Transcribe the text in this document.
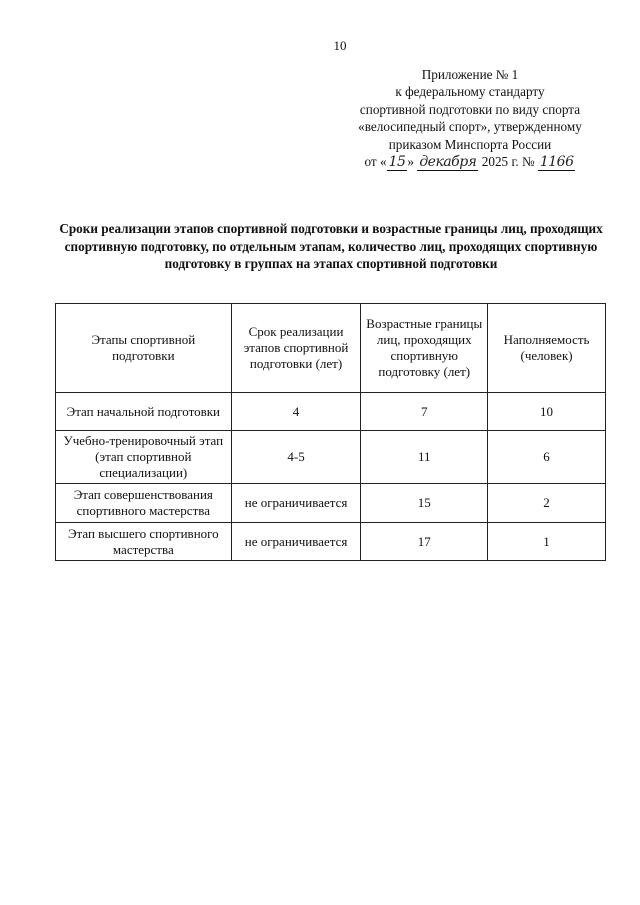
10
Приложение № 1
к федеральному стандарту
спортивной подготовки по виду спорта
«велосипедный спорт», утвержденному
приказом Минспорта России
от « 15 » декабря 2025 г. № 1166
Сроки реализации этапов спортивной подготовки и возрастные границы лиц, проходящих спортивную подготовку, по отдельным этапам, количество лиц, проходящих спортивную подготовку в группах на этапах спортивной подготовки
Этапы спортивной подготовки	Срок реализации этапов спортивной подготовки (лет)	Возрастные границы лиц, проходящих спортивную подготовку (лет)	Наполняемость (человек)
Этап начальной подготовки	4	7	10
Учебно-тренировочный этап (этап спортивной специализации)	4-5	11	6
Этап совершенствования спортивного мастерства	не ограничивается	15	2
Этап высшего спортивного мастерства	не ограничивается	17	1
